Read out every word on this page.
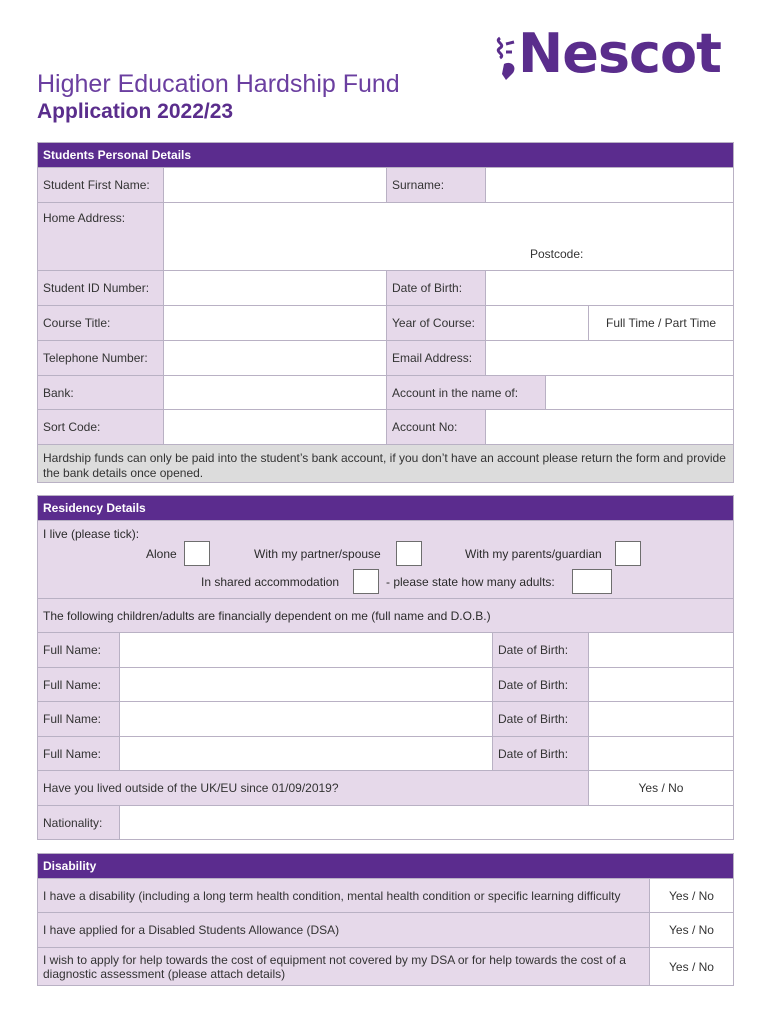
Nescot
Higher Education Hardship Fund
Application 2022/23
Students Personal Details
Student First Name:	Surname:
Home Address:
Postcode:
Student ID Number:	Date of Birth:
Course Title:	Year of Course:	Full Time / Part Time
Telephone Number:	Email Address:
Bank:	Account in the name of:
Sort Code:	Account No:
Hardship funds can only be paid into the student’s bank account, if you don’t have an account please return the form and provide the bank details once opened.
Residency Details
I live (please tick):
Alone	With my partner/spouse	With my parents/guardian
In shared accommodation	- please state how many adults:
The following children/adults are financially dependent on me (full name and D.O.B.)
Full Name:	Date of Birth:
Full Name:	Date of Birth:
Full Name:	Date of Birth:
Full Name:	Date of Birth:
Have you lived outside of the UK/EU since 01/09/2019?	Yes / No
Nationality:
Disability
I have a disability (including a long term health condition, mental health condition or specific learning difficulty	Yes / No
I have applied for a Disabled Students Allowance (DSA)	Yes / No
I wish to apply for help towards the cost of equipment not covered by my DSA or for help towards the cost of a diagnostic assessment (please attach details)	Yes / No
